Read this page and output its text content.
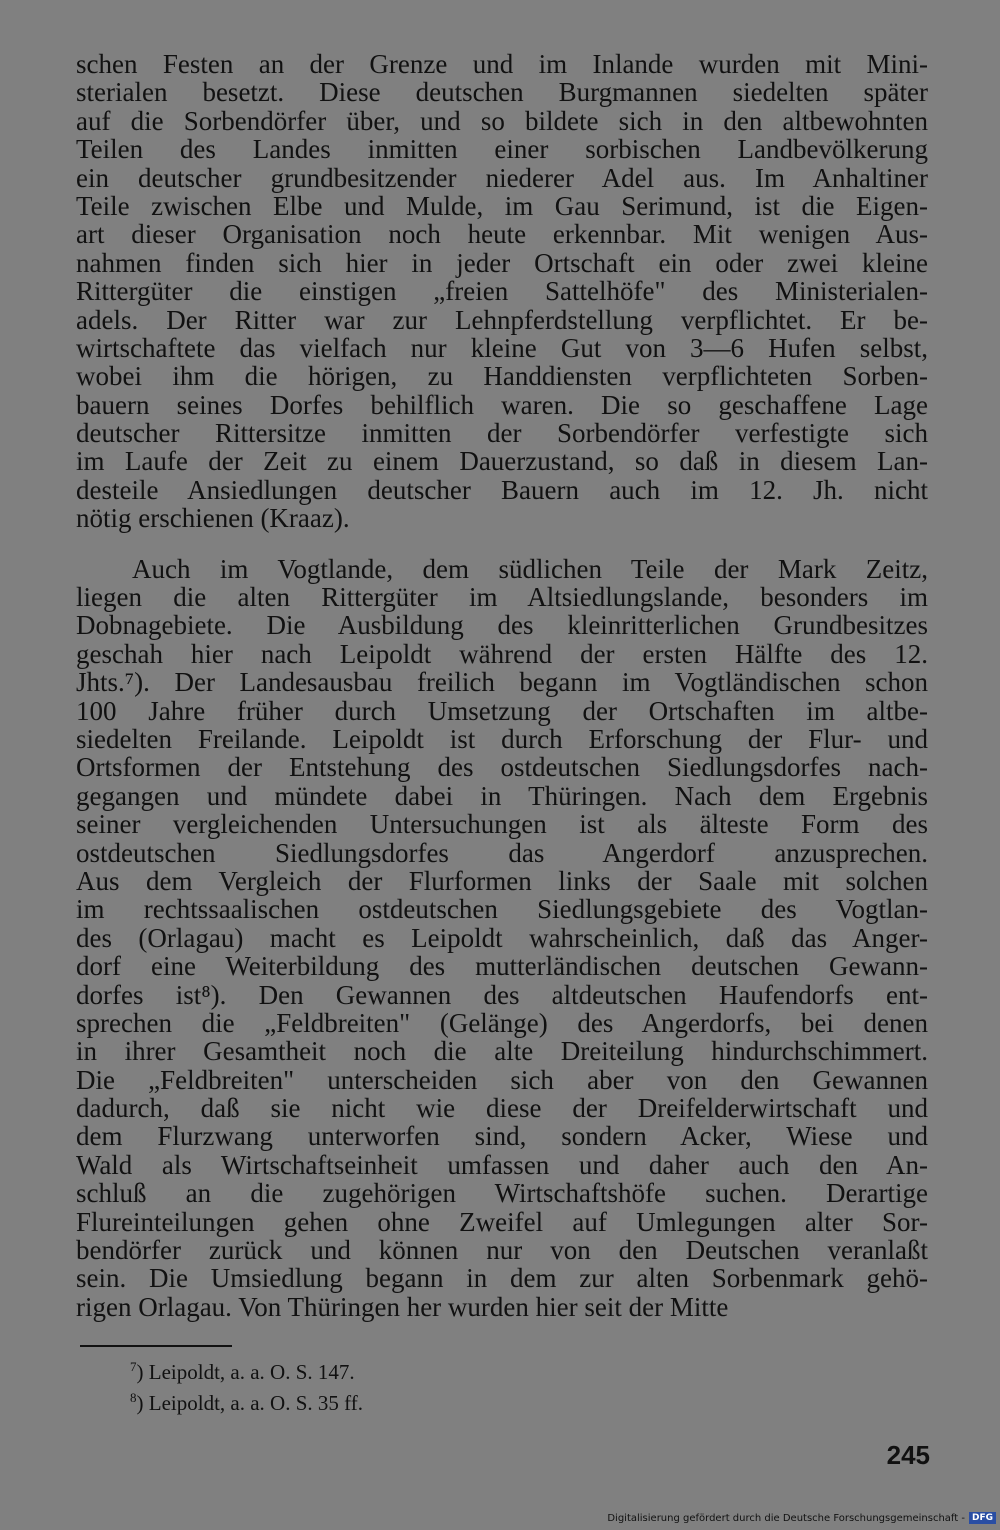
schen Festen an der Grenze und im Inlande wurden mit Mini-
sterialen besetzt. Diese deutschen Burgmannen siedelten später
auf die Sorbendörfer über, und so bildete sich in den altbewohnten
Teilen des Landes inmitten einer sorbischen Landbevölkerung
ein deutscher grundbesitzender niederer Adel aus. Im Anhaltiner
Teile zwischen Elbe und Mulde, im Gau Serimund, ist die Eigen-
art dieser Organisation noch heute erkennbar. Mit wenigen Aus-
nahmen finden sich hier in jeder Ortschaft ein oder zwei kleine
Rittergüter die einstigen „freien Sattelhöfe" des Ministerialen-
adels. Der Ritter war zur Lehnpferdstellung verpflichtet. Er be-
wirtschaftete das vielfach nur kleine Gut von 3—6 Hufen selbst,
wobei ihm die hörigen, zu Handdiensten verpflichteten Sorben-
bauern seines Dorfes behilflich waren. Die so geschaffene Lage
deutscher Rittersitze inmitten der Sorbendörfer verfestigte sich
im Laufe der Zeit zu einem Dauerzustand, so daß in diesem Lan-
desteile Ansiedlungen deutscher Bauern auch im 12. Jh. nicht
nötig erschienen (Kraaz).
Auch im Vogtlande, dem südlichen Teile der Mark Zeitz,
liegen die alten Rittergüter im Altsiedlungslande, besonders im
Dobnagebiete. Die Ausbildung des kleinritterlichen Grundbesitzes
geschah hier nach Leipoldt während der ersten Hälfte des 12.
Jhts.⁷). Der Landesausbau freilich begann im Vogtländischen schon
100 Jahre früher durch Umsetzung der Ortschaften im altbe-
siedelten Freilande. Leipoldt ist durch Erforschung der Flur- und
Ortsformen der Entstehung des ostdeutschen Siedlungsdorfes nach-
gegangen und mündete dabei in Thüringen. Nach dem Ergebnis
seiner vergleichenden Untersuchungen ist als älteste Form des
ostdeutschen Siedlungsdorfes das Angerdorf anzusprechen.
Aus dem Vergleich der Flurformen links der Saale mit solchen
im rechtssaalischen ostdeutschen Siedlungsgebiete des Vogtlan-
des (Orlagau) macht es Leipoldt wahrscheinlich, daß das Anger-
dorf eine Weiterbildung des mutterländischen deutschen Gewann-
dorfes ist⁸). Den Gewannen des altdeutschen Haufendorfs ent-
sprechen die „Feldbreiten" (Gelänge) des Angerdorfs, bei denen
in ihrer Gesamtheit noch die alte Dreiteilung hindurchschimmert.
Die „Feldbreiten" unterscheiden sich aber von den Gewannen
dadurch, daß sie nicht wie diese der Dreifelderwirtschaft und
dem Flurzwang unterworfen sind, sondern Acker, Wiese und
Wald als Wirtschaftseinheit umfassen und daher auch den An-
schluß an die zugehörigen Wirtschaftshöfe suchen. Derartige
Flureinteilungen gehen ohne Zweifel auf Umlegungen alter Sor-
bendörfer zurück und können nur von den Deutschen veranlaßt
sein. Die Umsiedlung begann in dem zur alten Sorbenmark gehö-
rigen Orlagau. Von Thüringen her wurden hier seit der Mitte
$^7$) Leipoldt, a. a. O. S. 147.
$^8$) Leipoldt, a. a. O. S. 35 ff.
245
Digitalisierung gefördert durch die Deutsche Forschungsgemeinschaft - DFG
